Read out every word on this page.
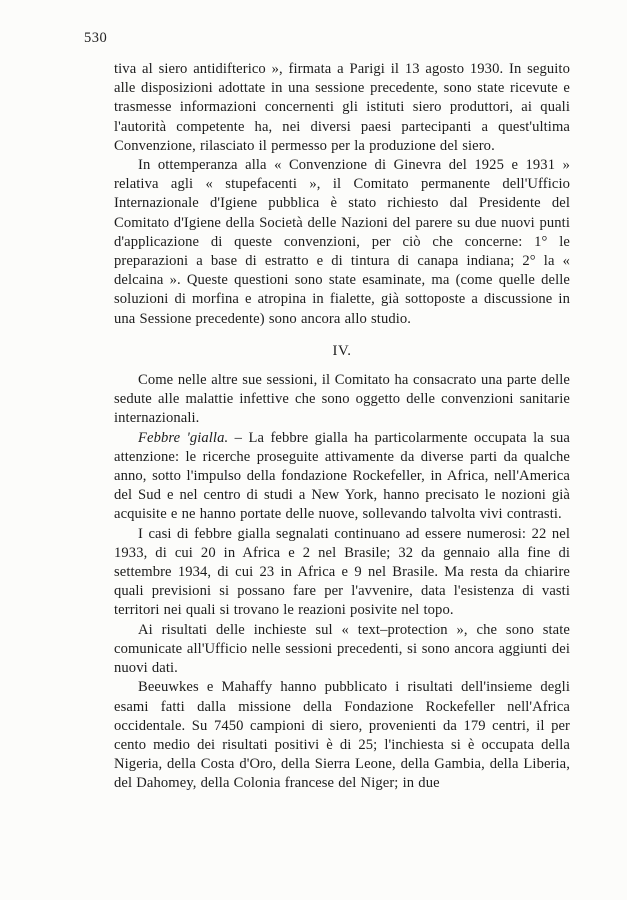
530

tiva al siero antidifterico », firmata a Parigi il 13 agosto 1930. In seguito alle disposizioni adottate in una sessione precedente, sono state ricevute e trasmesse informazioni concernenti gli istituti siero produttori, ai quali l'autorità competente ha, nei diversi paesi partecipanti a quest'ultima Convenzione, rilasciato il permesso per la produzione del siero.

In ottemperanza alla « Convenzione di Ginevra del 1925 e 1931 » relativa agli « stupefacenti », il Comitato permanente dell'Ufficio Internazionale d'Igiene pubblica è stato richiesto dal Presidente del Comitato d'Igiene della Società delle Nazioni del parere su due nuovi punti d'applicazione di queste convenzioni, per ciò che concerne: 1° le preparazioni a base di estratto e di tintura di canapa indiana; 2° la « delcaina ». Queste questioni sono state esaminate, ma (come quelle delle soluzioni di morfina e atropina in fialette, già sottoposte a discussione in una Sessione precedente) sono ancora allo studio.

IV.

Come nelle altre sue sessioni, il Comitato ha consacrato una parte delle sedute alle malattie infettive che sono oggetto delle convenzioni sanitarie internazionali.

Febbre 'gialla. – La febbre gialla ha particolarmente occupata la sua attenzione: le ricerche proseguite attivamente da diverse parti da qualche anno, sotto l'impulso della fondazione Rockefeller, in Africa, nell'America del Sud e nel centro di studi a New York, hanno precisato le nozioni già acquisite e ne hanno portate delle nuove, sollevando talvolta vivi contrasti.

I casi di febbre gialla segnalati continuano ad essere numerosi: 22 nel 1933, di cui 20 in Africa e 2 nel Brasile; 32 da gennaio alla fine di settembre 1934, di cui 23 in Africa e 9 nel Brasile. Ma resta da chiarire quali previsioni si possano fare per l'avvenire, data l'esistenza di vasti territori nei quali si trovano le reazioni posivite nel topo.

Ai risultati delle inchieste sul « text–protection », che sono state comunicate all'Ufficio nelle sessioni precedenti, si sono ancora aggiunti dei nuovi dati.

Beeuwkes e Mahaffy hanno pubblicato i risultati dell'insieme degli esami fatti dalla missione della Fondazione Rockefeller nell'Africa occidentale. Su 7450 campioni di siero, provenienti da 179 centri, il per cento medio dei risultati positivi è di 25; l'inchiesta si è occupata della Nigeria, della Costa d'Oro, della Sierra Leone, della Gambia, della Liberia, del Dahomey, della Colonia francese del Niger; in due
